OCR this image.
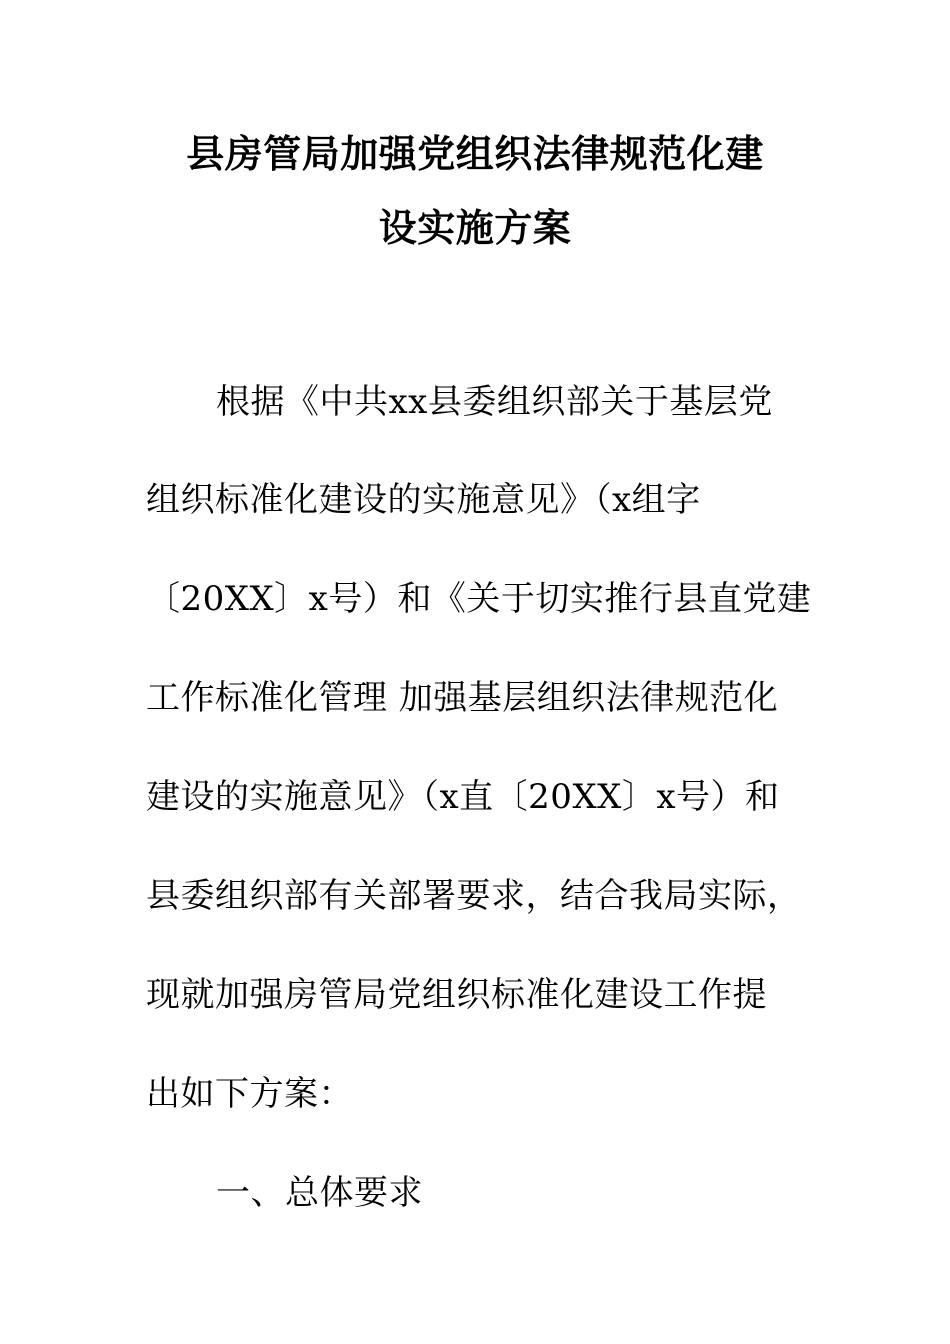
县房管局加强党组织法律规范化建
设实施方案
根据《中共xx县委组织部关于基层党
组织标准化建设的实施意见》（x组字
〔20XX〕x号）和《关于切实推行县直党建
工作标准化管理 加强基层组织法律规范化
建设的实施意见》（x直〔20XX〕x号）和
县委组织部有关部署要求，结合我局实际，
现就加强房管局党组织标准化建设工作提
出如下方案：
一、总体要求
